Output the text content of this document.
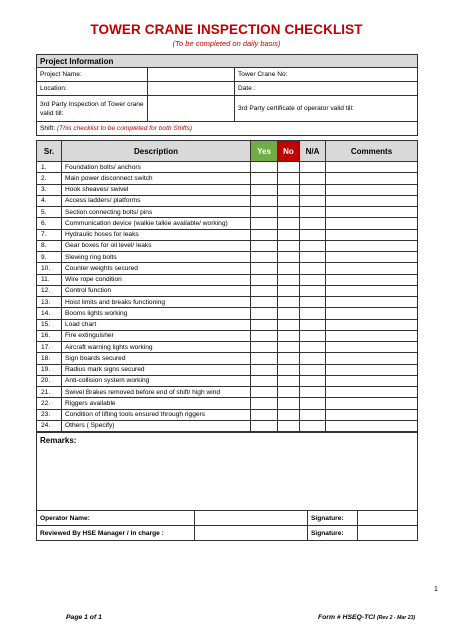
TOWER CRANE INSPECTION CHECKLIST
(To be completed on daily basis)
Project Information		
Project Name:		Tower Crane No:
Location:		Date :
3rd Party Inspection of Tower crane valid till:		3rd Party certificate of operator valid till:
Shift: (This checklist to be completed for both Shifts)		
Sr.	Description	Yes	No	N/A	Comments
1.	Foundation bolts/ anchors				
2.	Main power disconnect switch				
3.	Hook sheaves/ swivel				
4.	Access ladders/ platforms				
5.	Section connecting bolts/ pins				
6.	Communication device (walkie talkie available/ working)				
7.	Hydraulic hoses for leaks				
8.	Gear boxes for oil level/ leaks				
9.	Slewing ring bolts				
10.	Counter weights secured				
11.	Wire rope condition				
12.	Control function				
13.	Hoist limits and breaks functioning				
14.	Booms lights working				
15.	Load chart				
16.	Fire extinguisher				
17.	Aircraft warning lights working				
18.	Sign boards secured				
19.	Radius mark signs secured				
20.	Anti-collision system working				
21.	Swivel Brakes removed before end of shift/ high wind				
22.	Riggers available				
23.	Condition of lifting tools ensured through riggers				
24.	Others ( Specify)				
Remarks:			
Operator Name:		Signature:	
Reviewed By HSE Manager / In charge :		Signature:	
1
Page 1 of 1	Form # HSEQ-TCI (Rev 2 - Mar 23)
